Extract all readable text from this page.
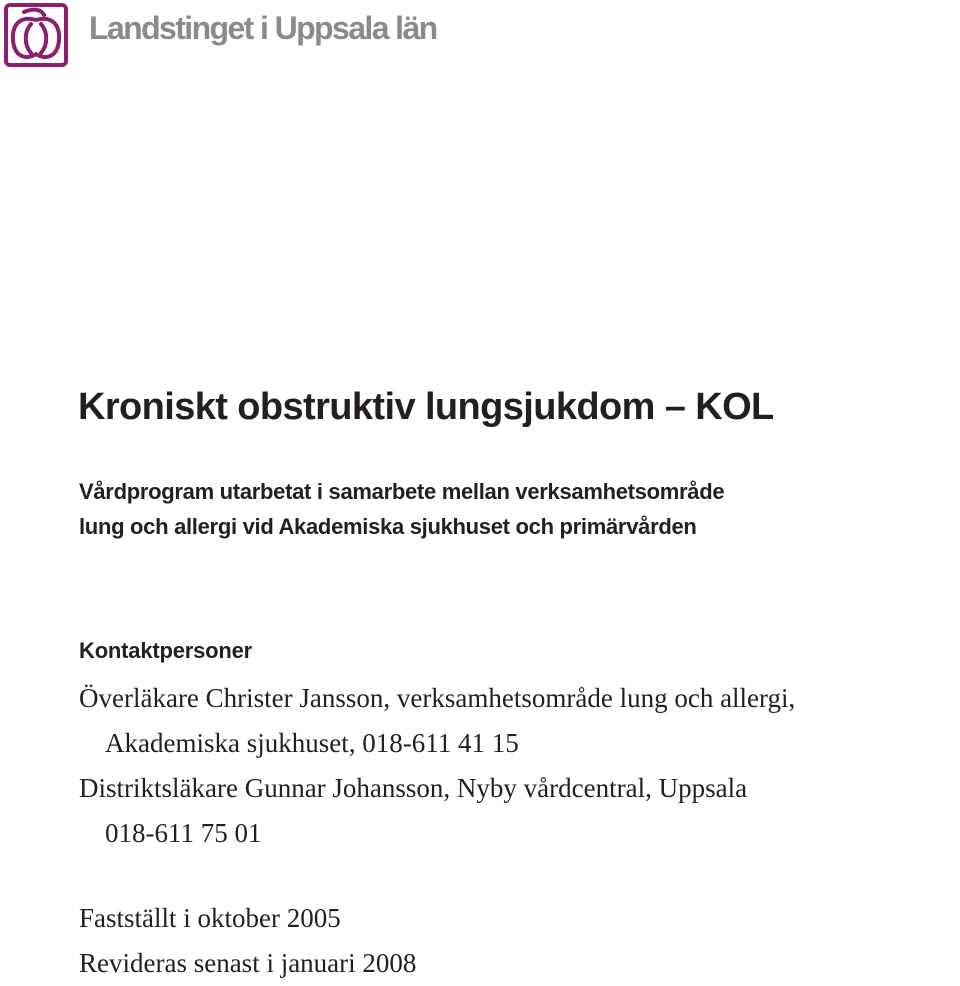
Landstinget i Uppsala län
Kroniskt obstruktiv lungsjukdom – KOL
Vårdprogram utarbetat i samarbete mellan verksamhetsområde
lung och allergi vid Akademiska sjukhuset och primärvården
Kontaktpersoner
Överläkare Christer Jansson, verksamhetsområde lung och allergi,
Akademiska sjukhuset, 018-611 41 15
Distriktsläkare Gunnar Johansson, Nyby vårdcentral, Uppsala
018-611 75 01
Fastställt i oktober 2005
Revideras senast i januari 2008
